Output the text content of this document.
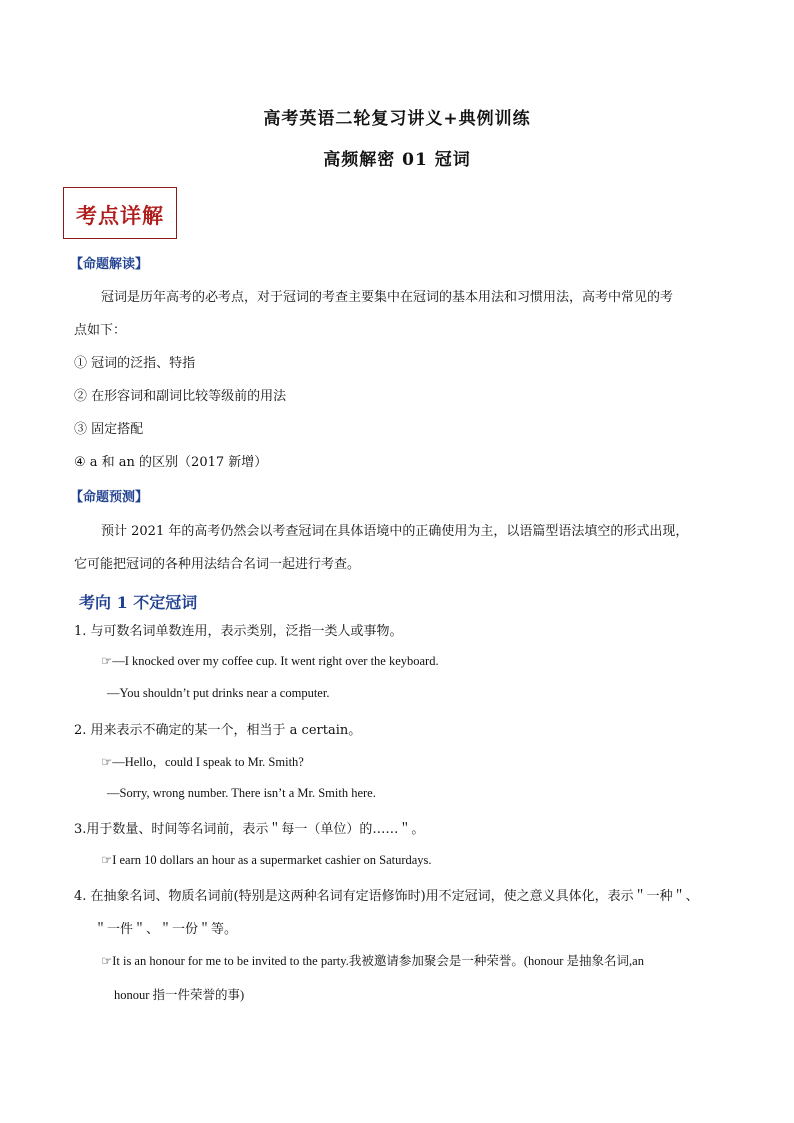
高考英语二轮复习讲义+典例训练
高频解密 01 冠词
考点详解
【命题解读】
冠词是历年高考的必考点，对于冠词的考查主要集中在冠词的基本用法和习惯用法，高考中常见的考
点如下：
① 冠词的泛指、特指
② 在形容词和副词比较等级前的用法
③ 固定搭配
④ a 和 an 的区别（2017 新增）
【命题预测】
预计 2021 年的高考仍然会以考查冠词在具体语境中的正确使用为主，以语篇型语法填空的形式出现，
它可能把冠词的各种用法结合名词一起进行考查。
考向 1 不定冠词
1. 与可数名词单数连用，表示类别，泛指一类人或事物。
☞—I knocked over my coffee cup. It went right over the keyboard.
—You shouldn’t put drinks near a computer.
2. 用来表示不确定的某一个，相当于 a certain。
☞—Hello，could I speak to Mr. Smith?
—Sorry, wrong number. There isn’t a Mr. Smith here.
3.用于数量、时间等名词前，表示＂每一（单位）的……＂。
☞I earn 10 dollars an hour as a supermarket cashier on Saturdays.
4. 在抽象名词、物质名词前(特别是这两种名词有定语修饰时)用不定冠词，使之意义具体化，表示＂一种＂、
＂一件＂、＂一份＂等。
☞It is an honour for me to be invited to the party.我被邀请参加聚会是一种荣誉。(honour 是抽象名词,an
honour 指一件荣誉的事)
